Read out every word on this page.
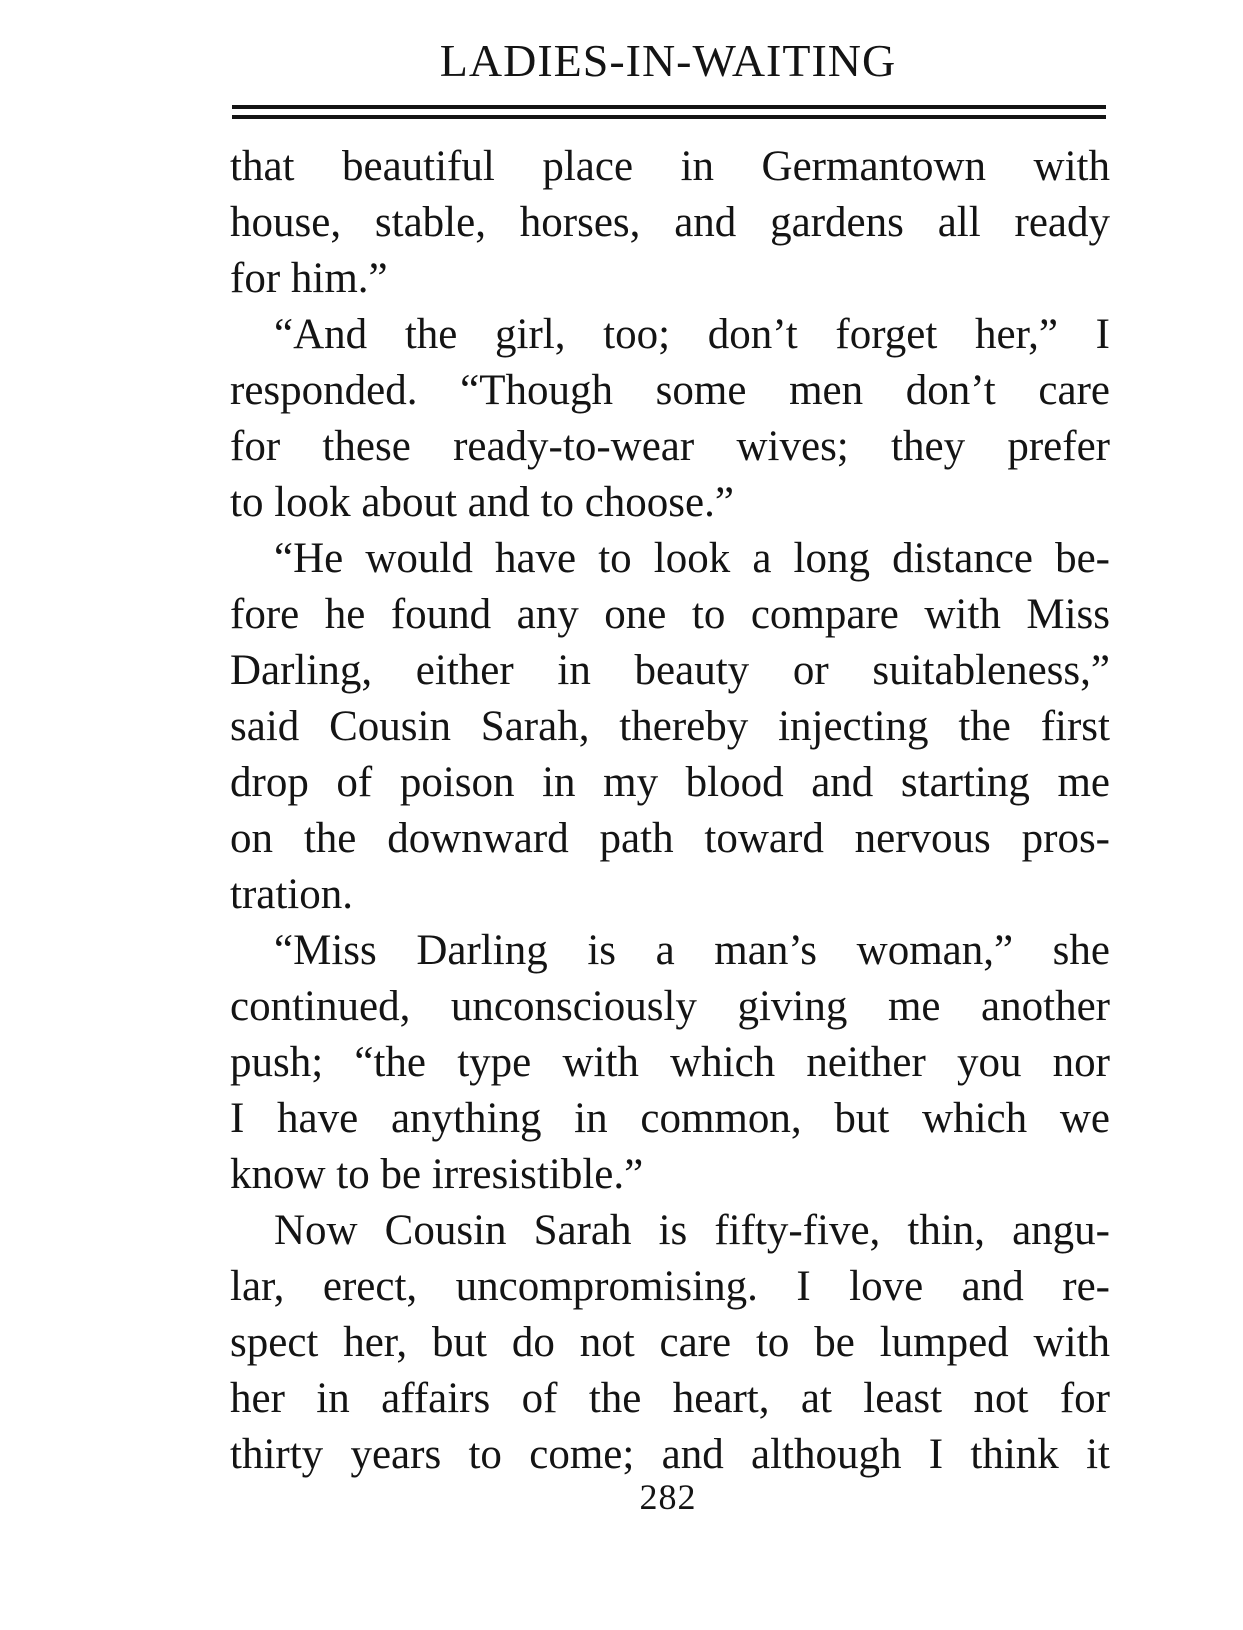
LADIES-IN-WAITING
that beautiful place in Germantown with
house, stable, horses, and gardens all ready
for him.”
“And the girl, too; don’t forget her,” I
responded. “Though some men don’t care
for these ready-to-wear wives; they prefer
to look about and to choose.”
“He would have to look a long distance be-
fore he found any one to compare with Miss
Darling, either in beauty or suitableness,”
said Cousin Sarah, thereby injecting the first
drop of poison in my blood and starting me
on the downward path toward nervous pros-
tration.
“Miss Darling is a man’s woman,” she
continued, unconsciously giving me another
push; “the type with which neither you nor
I have anything in common, but which we
know to be irresistible.”
Now Cousin Sarah is fifty-five, thin, angu-
lar, erect, uncompromising. I love and re-
spect her, but do not care to be lumped with
her in affairs of the heart, at least not for
thirty years to come; and although I think it
282
